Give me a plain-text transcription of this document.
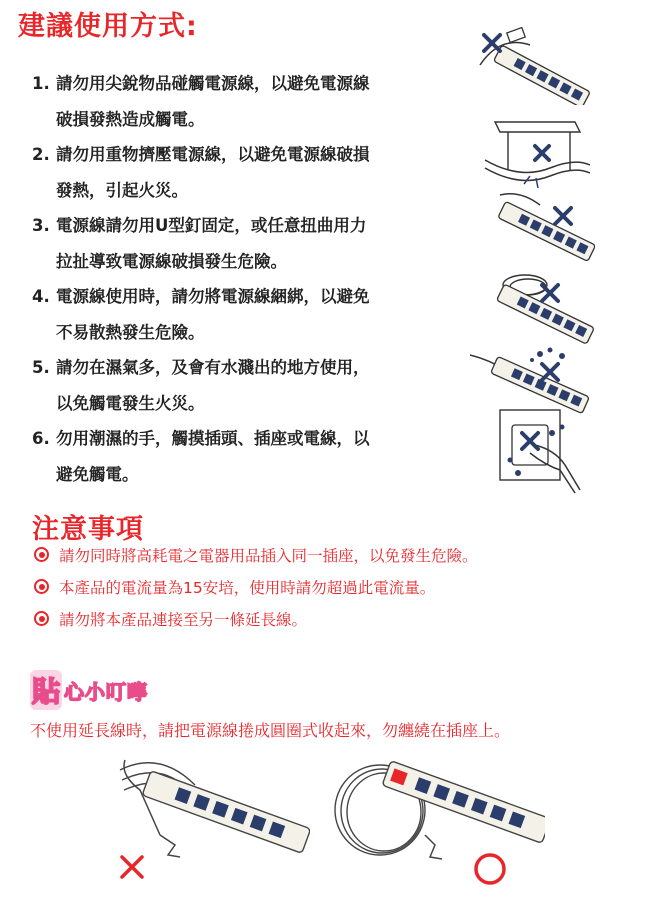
建議使用方式:
1. 請勿用尖銳物品碰觸電源線，以避免電源線
破損發熱造成觸電。
2. 請勿用重物擠壓電源線，以避免電源線破損
發熱，引起火災。
3. 電源線請勿用U型釘固定，或任意扭曲用力
拉扯導致電源線破損發生危險。
4. 電源線使用時，請勿將電源線綑綁，以避免
不易散熱發生危險。
5. 請勿在濕氣多，及會有水濺出的地方使用，
以免觸電發生火災。
6. 勿用潮濕的手，觸摸插頭、插座或電線，以
避免觸電。
注意事項
請勿同時將高耗電之電器用品插入同一插座，以免發生危險。
本產品的電流量為15安培，使用時請勿超過此電流量。
請勿將本產品連接至另一條延長線。
貼 心小叮嚀
不使用延長線時，請把電源線捲成圓圈式收起來，勿纏繞在插座上。
